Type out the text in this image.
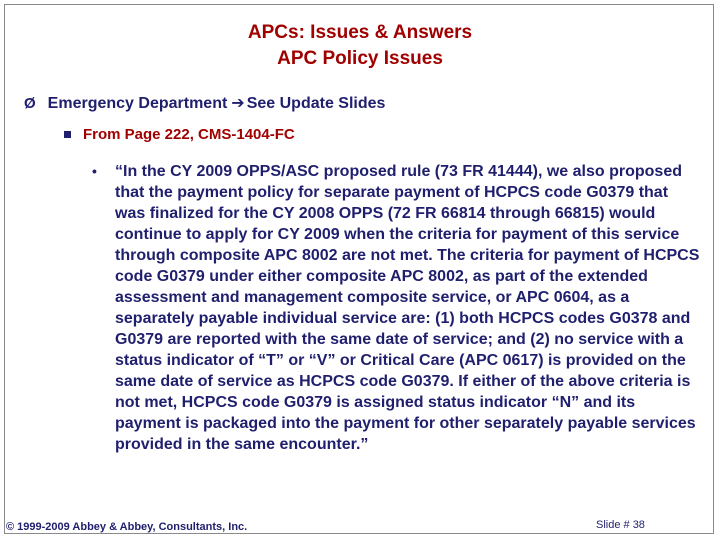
APCs: Issues & Answers
APC Policy Issues
Ø Emergency Department ➔ See Update Slides
From Page 222, CMS-1404-FC
• “In the CY 2009 OPPS/ASC proposed rule (73 FR 41444), we also proposed that the payment policy for separate payment of HCPCS code G0379 that was finalized for the CY 2008 OPPS (72 FR 66814 through 66815) would continue to apply for CY 2009 when the criteria for payment of this service through composite APC 8002 are not met. The criteria for payment of HCPCS code G0379 under either composite APC 8002, as part of the extended assessment and management composite service, or APC 0604, as a separately payable individual service are: (1) both HCPCS codes G0378 and G0379 are reported with the same date of service; and (2) no service with a status indicator of “T” or “V” or Critical Care (APC 0617) is provided on the same date of service as HCPCS code G0379. If either of the above criteria is not met, HCPCS code G0379 is assigned status indicator “N” and its payment is packaged into the payment for other separately payable services provided in the same encounter.”
© 1999-2009 Abbey & Abbey, Consultants, Inc.	Slide # 38
